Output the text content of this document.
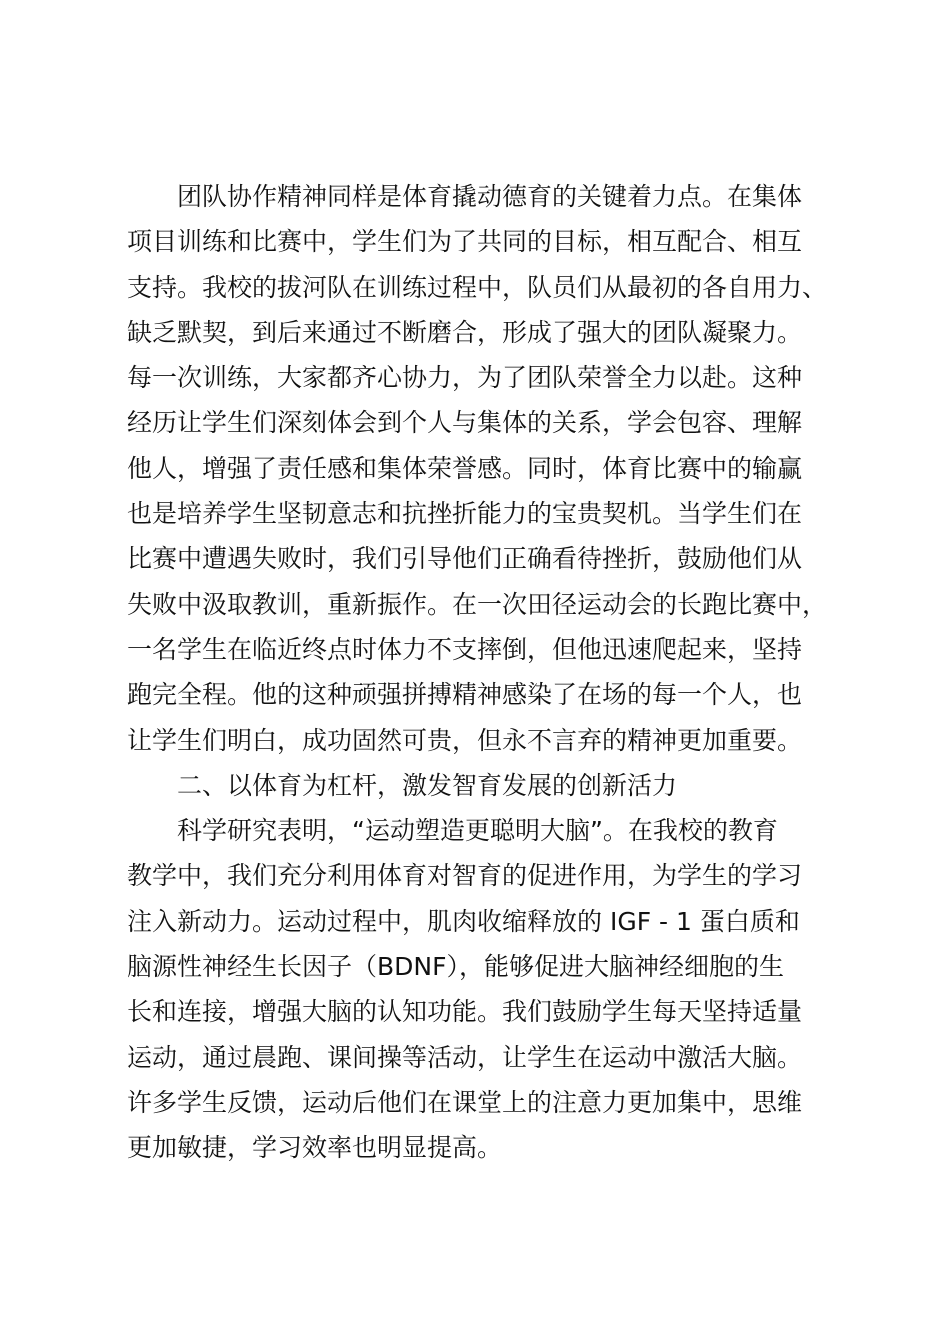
团队协作精神同样是体育撬动德育的关键着力点。在集体
项目训练和比赛中，学生们为了共同的目标，相互配合、相互
支持。我校的拔河队在训练过程中，队员们从最初的各自用力、
缺乏默契，到后来通过不断磨合，形成了强大的团队凝聚力。
每一次训练，大家都齐心协力，为了团队荣誉全力以赴。这种
经历让学生们深刻体会到个人与集体的关系，学会包容、理解
他人，增强了责任感和集体荣誉感。同时，体育比赛中的输赢
也是培养学生坚韧意志和抗挫折能力的宝贵契机。当学生们在
比赛中遭遇失败时，我们引导他们正确看待挫折，鼓励他们从
失败中汲取教训，重新振作。在一次田径运动会的长跑比赛中，
一名学生在临近终点时体力不支摔倒，但他迅速爬起来，坚持
跑完全程。他的这种顽强拼搏精神感染了在场的每一个人，也
让学生们明白，成功固然可贵，但永不言弃的精神更加重要。
二、以体育为杠杆，激发智育发展的创新活力
科学研究表明，“运动塑造更聪明大脑”。在我校的教育
教学中，我们充分利用体育对智育的促进作用，为学生的学习
注入新动力。运动过程中，肌肉收缩释放的 IGF - 1 蛋白质和
脑源性神经生长因子（BDNF），能够促进大脑神经细胞的生
长和连接，增强大脑的认知功能。我们鼓励学生每天坚持适量
运动，通过晨跑、课间操等活动，让学生在运动中激活大脑。
许多学生反馈，运动后他们在课堂上的注意力更加集中，思维
更加敏捷，学习效率也明显提高。
